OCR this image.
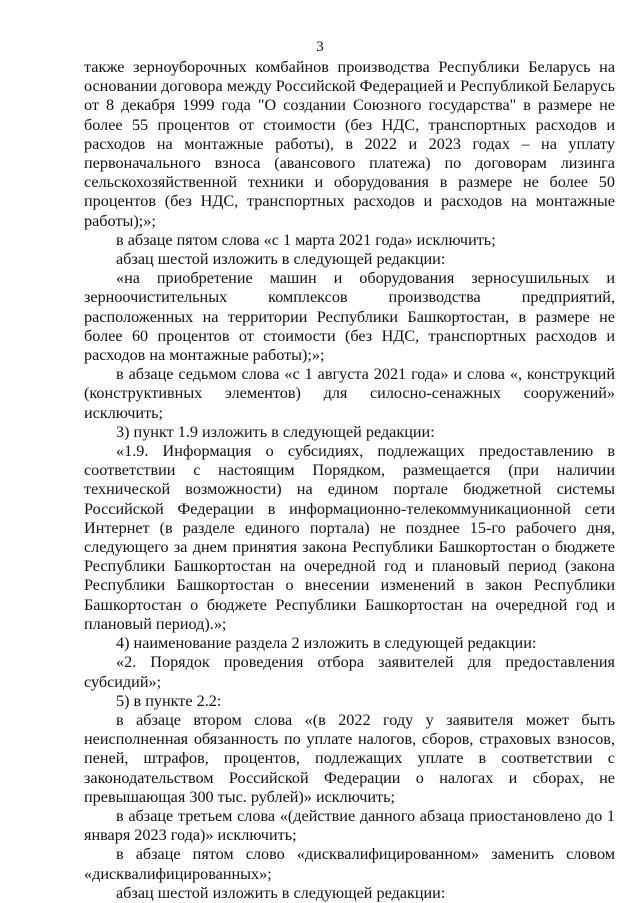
3

также зерноуборочных комбайнов производства Республики Беларусь на основании договора между Российской Федерацией и Республикой Беларусь от 8 декабря 1999 года "О создании Союзного государства" в размере не более 55 процентов от стоимости (без НДС, транспортных расходов и расходов на монтажные работы), в 2022 и 2023 годах – на уплату первоначального взноса (авансового платежа) по договорам лизинга сельскохозяйственной техники и оборудования в размере не более 50 процентов (без НДС, транспортных расходов и расходов на монтажные работы);»;

в абзаце пятом слова «с 1 марта 2021 года» исключить;

абзац шестой изложить в следующей редакции:

«на приобретение машин и оборудования зерносушильных и зерноочистительных комплексов производства предприятий, расположенных на территории Республики Башкортостан, в размере не более 60 процентов от стоимости (без НДС, транспортных расходов и расходов на монтажные работы);»;

в абзаце седьмом слова «с 1 августа 2021 года» и слова «, конструкций (конструктивных элементов) для силосно-сенажных сооружений» исключить;

3) пункт 1.9 изложить в следующей редакции:

«1.9. Информация о субсидиях, подлежащих предоставлению в соответствии с настоящим Порядком, размещается (при наличии технической возможности) на едином портале бюджетной системы Российской Федерации в информационно-телекоммуникационной сети Интернет (в разделе единого портала) не позднее 15-го рабочего дня, следующего за днем принятия закона Республики Башкортостан о бюджете Республики Башкортостан на очередной год и плановый период (закона Республики Башкортостан о внесении изменений в закон Республики Башкортостан о бюджете Республики Башкортостан на очередной год и плановый период).»;

4) наименование раздела 2 изложить в следующей редакции:

«2. Порядок проведения отбора заявителей для предоставления субсидий»;

5) в пункте 2.2:

в абзаце втором слова «(в 2022 году у заявителя может быть неисполненная обязанность по уплате налогов, сборов, страховых взносов, пеней, штрафов, процентов, подлежащих уплате в соответствии с законодательством Российской Федерации о налогах и сборах, не превышающая 300 тыс. рублей)» исключить;

в абзаце третьем слова «(действие данного абзаца приостановлено до 1 января 2023 года)» исключить;

в абзаце пятом слово «дисквалифицированном» заменить словом «дисквалифицированных»;

абзац шестой изложить в следующей редакции:
